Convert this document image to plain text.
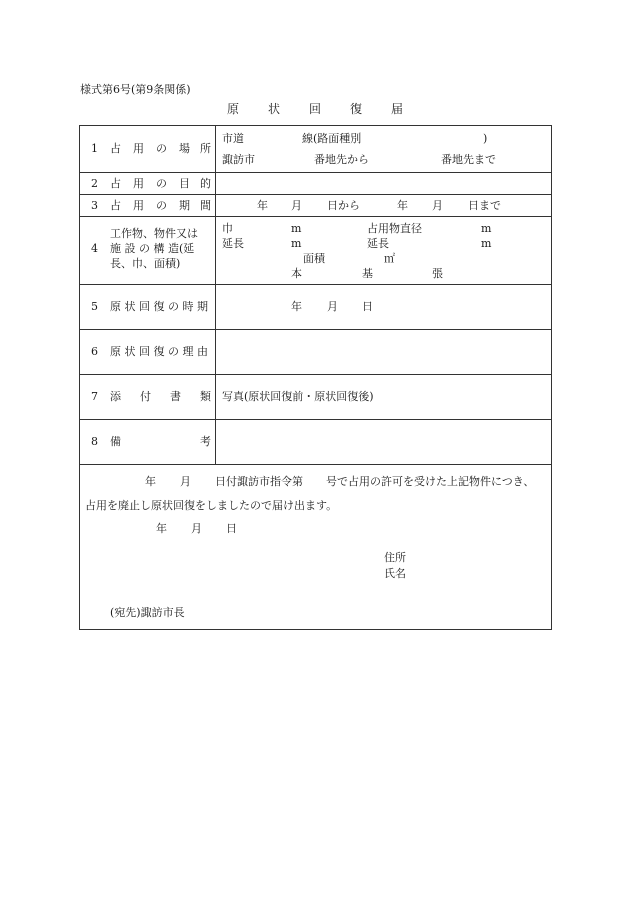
様式第6号(第9条関係)
原 状 回 復 届
1 占 用 の 場 所
市道	線(路面種別	)
諏訪市	番地先から	番地先まで
2 占 用 の 目 的
3 占 用 の 期 間	年 月 日から	年 月 日まで
4
工作物、物件又は
施 設 の 構 造(延
長、巾、面積)
巾	m	占用物直径	m
延長	m	延長	m
面積	㎡
本	基	張
5 原 状 回 復 の 時 期	年 月 日
6 原 状 回 復 の 理 由
7 添 付 書 類 写真(原状回復前・原状回復後)
8 備	考
年 月 日付諏訪市指令第 号で占用の許可を受けた上記物件につき、
占用を廃止し原状回復をしましたので届け出ます。
年 月 日
住所
氏名
(宛先)諏訪市長
